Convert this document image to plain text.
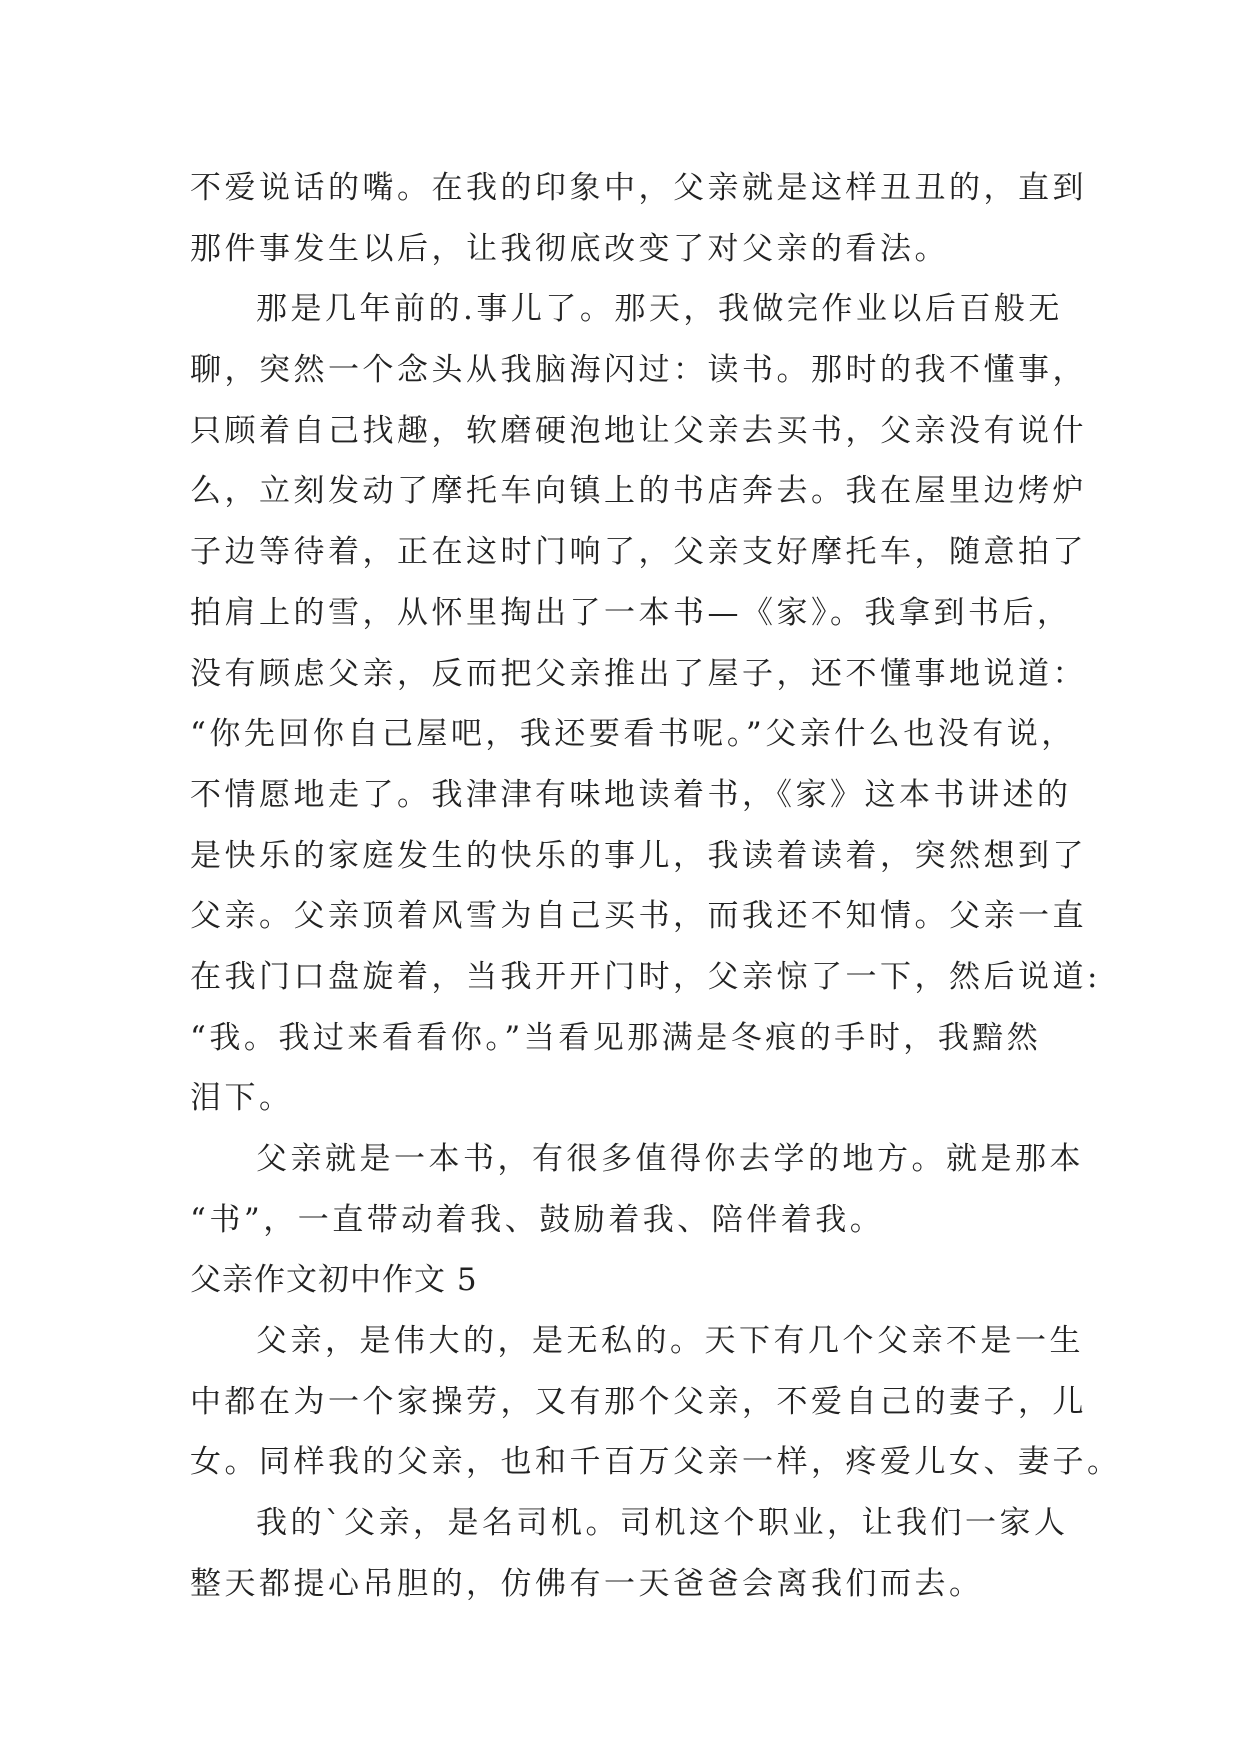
不爱说话的嘴。在我的印象中，父亲就是这样丑丑的，直到
那件事发生以后，让我彻底改变了对父亲的看法。
那是几年前的.事儿了。那天，我做完作业以后百般无
聊，突然一个念头从我脑海闪过：读书。那时的我不懂事，
只顾着自己找趣，软磨硬泡地让父亲去买书，父亲没有说什
么，立刻发动了摩托车向镇上的书店奔去。我在屋里边烤炉
子边等待着，正在这时门响了，父亲支好摩托车，随意拍了
拍肩上的雪，从怀里掏出了一本书—《家》。我拿到书后，
没有顾虑父亲，反而把父亲推出了屋子，还不懂事地说道：
“你先回你自己屋吧，我还要看书呢。”父亲什么也没有说，
不情愿地走了。我津津有味地读着书，《家》这本书讲述的
是快乐的家庭发生的快乐的事儿，我读着读着，突然想到了
父亲。父亲顶着风雪为自己买书，而我还不知情。父亲一直
在我门口盘旋着，当我开开门时，父亲惊了一下，然后说道:
“我。我过来看看你。”当看见那满是冬痕的手时，我黯然
泪下。
父亲就是一本书，有很多值得你去学的地方。就是那本
“书”，一直带动着我、鼓励着我、陪伴着我。
父亲作文初中作文 5
父亲，是伟大的，是无私的。天下有几个父亲不是一生
中都在为一个家操劳，又有那个父亲，不爱自己的妻子，儿
女。同样我的父亲，也和千百万父亲一样，疼爱儿女、妻子。
我的`父亲，是名司机。司机这个职业，让我们一家人
整天都提心吊胆的，仿佛有一天爸爸会离我们而去。
